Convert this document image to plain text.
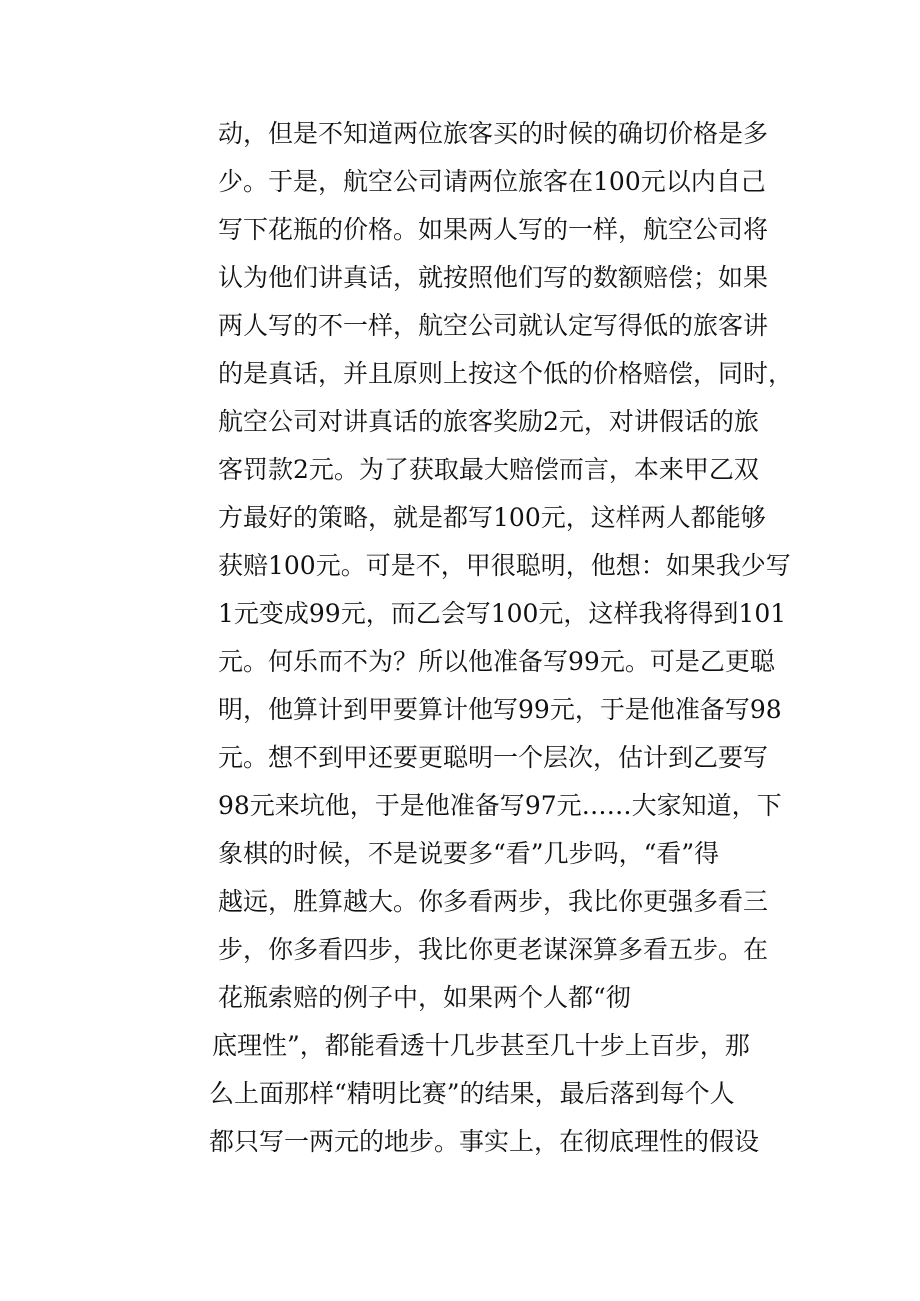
动，但是不知道两位旅客买的时候的确切价格是多
少。于是，航空公司请两位旅客在100元以内自己
写下花瓶的价格。如果两人写的一样，航空公司将
认为他们讲真话，就按照他们写的数额赔偿；如果
两人写的不一样，航空公司就认定写得低的旅客讲
的是真话，并且原则上按这个低的价格赔偿，同时，
航空公司对讲真话的旅客奖励2元，对讲假话的旅
客罚款2元。为了获取最大赔偿而言，本来甲乙双
方最好的策略，就是都写100元，这样两人都能够
获赔100元。可是不，甲很聪明，他想：如果我少写
1元变成99元，而乙会写100元，这样我将得到101
元。何乐而不为？所以他准备写99元。可是乙更聪
明，他算计到甲要算计他写99元，于是他准备写98
元。想不到甲还要更聪明一个层次，估计到乙要写
98元来坑他，于是他准备写97元……大家知道，下
象棋的时候，不是说要多“看”几步吗，“看”得
越远，胜算越大。你多看两步，我比你更强多看三
步，你多看四步，我比你更老谋深算多看五步。在
花瓶索赔的例子中，如果两个人都“彻
底理性”，都能看透十几步甚至几十步上百步，那
么上面那样“精明比赛”的结果，最后落到每个人
都只写一两元的地步。事实上，在彻底理性的假设
